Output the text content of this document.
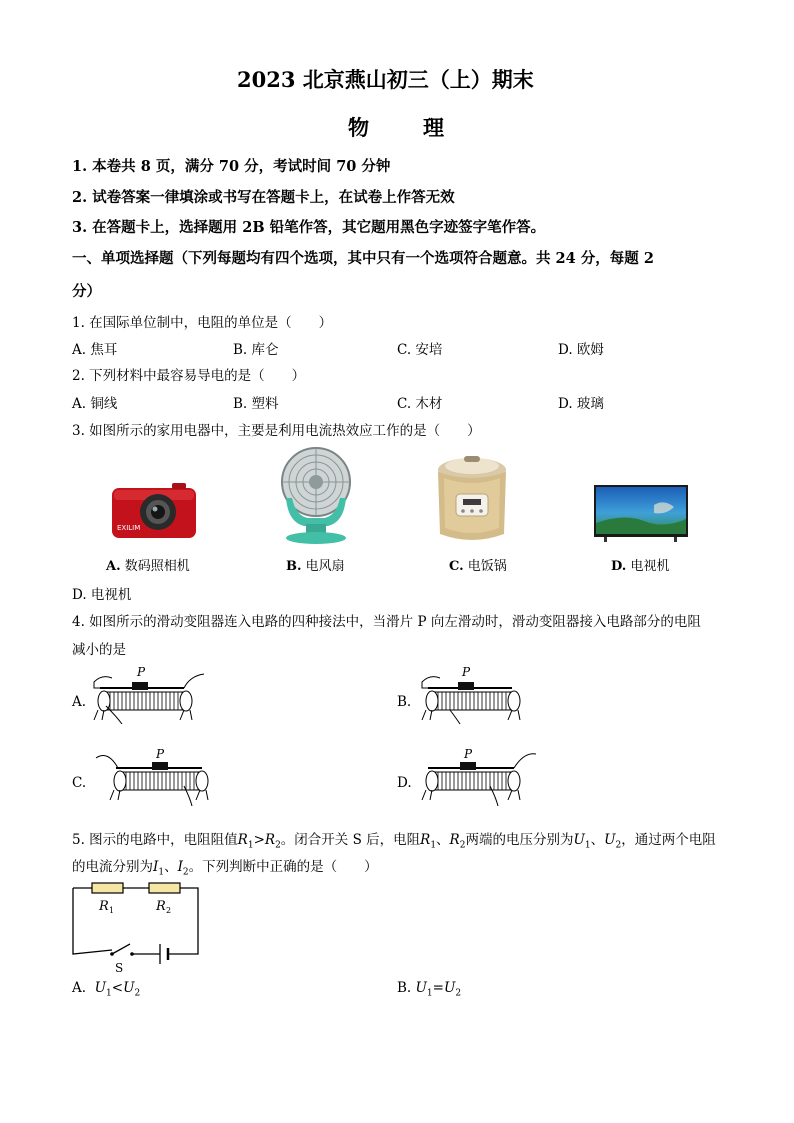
2023 北京燕山初三（上）期末
物	理
1. 本卷共 8 页，满分 70 分，考试时间 70 分钟
2. 试卷答案一律填涂或书写在答题卡上，在试卷上作答无效
3. 在答题卡上，选择题用 2B 铅笔作答，其它题用黑色字迹签字笔作答。
一、单项选择题（下列每题均有四个选项，其中只有一个选项符合题意。共 24 分，每题 2
分）
1. 在国际单位制中，电阻的单位是（　　）
A. 焦耳	B. 库仑	C. 安培	D. 欧姆
2. 下列材料中最容易导电的是（　　）
A. 铜线	B. 塑料	C. 木材	D. 玻璃
3. 如图所示的家用电器中，主要是利用电流热效应工作的是（　　）
EXILIM
A. 数码照相机	B. 电风扇	C. 电饭锅	D. 电视机
D. 电视机
4. 如图所示的滑动变阻器连入电路的四种接法中，当滑片 P 向左滑动时，滑动变阻器接入电路部分的电阻
减小的是
A.	B.
C.	D.
P	P
P	P
5. 图示的电路中，电阻阻值$R_1>R_2$。闭合开关 S 后，电阻$R_1$、$R_2$两端的电压分别为$U_1$、$U_2$，通过两个电阻
的电流分别为$I_1$、$I_2$。下列判断中正确的是（　　）
R 1	R 2
S
A. $U_1<U_2$	B. $U_1=U_2$
